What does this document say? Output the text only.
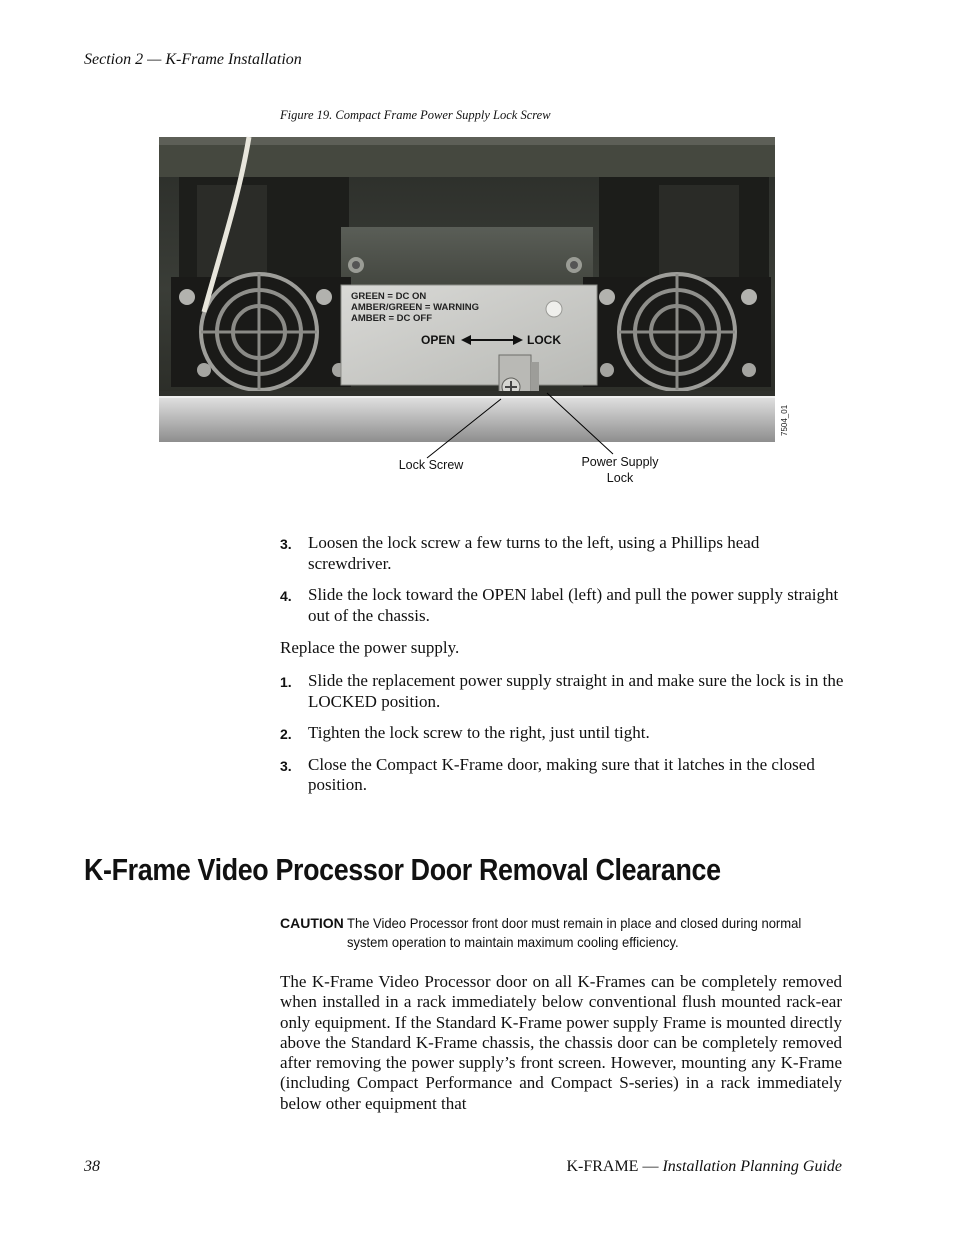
Section 2 — K-Frame Installation
Figure 19. Compact Frame Power Supply Lock Screw
GREEN = DC ON
AMBER/GREEN = WARNING
AMBER = DC OFF
OPEN	LOCK
7504_01
Lock Screw	Power Supply Lock
3. Loosen the lock screw a few turns to the left, using a Phillips head screwdriver.
4. Slide the lock toward the OPEN label (left) and pull the power supply straight out of the chassis.
Replace the power supply.
1. Slide the replacement power supply straight in and make sure the lock is in the LOCKED position.
2. Tighten the lock screw to the right, just until tight.
3. Close the Compact K-Frame door, making sure that it latches in the closed position.
K-Frame Video Processor Door Removal Clearance
CAUTION The Video Processor front door must remain in place and closed during normal system operation to maintain maximum cooling efficiency.
The K-Frame Video Processor door on all K-Frames can be completely removed when installed in a rack immediately below conventional flush mounted rack-ear only equipment. If the Standard K-Frame power supply Frame is mounted directly above the Standard K-Frame chassis, the chassis door can be completely removed after removing the power supply’s front screen. However, mounting any K-Frame (including Compact Performance and Compact S-series) in a rack immediately below other equipment that
38	K-FRAME — Installation Planning Guide
